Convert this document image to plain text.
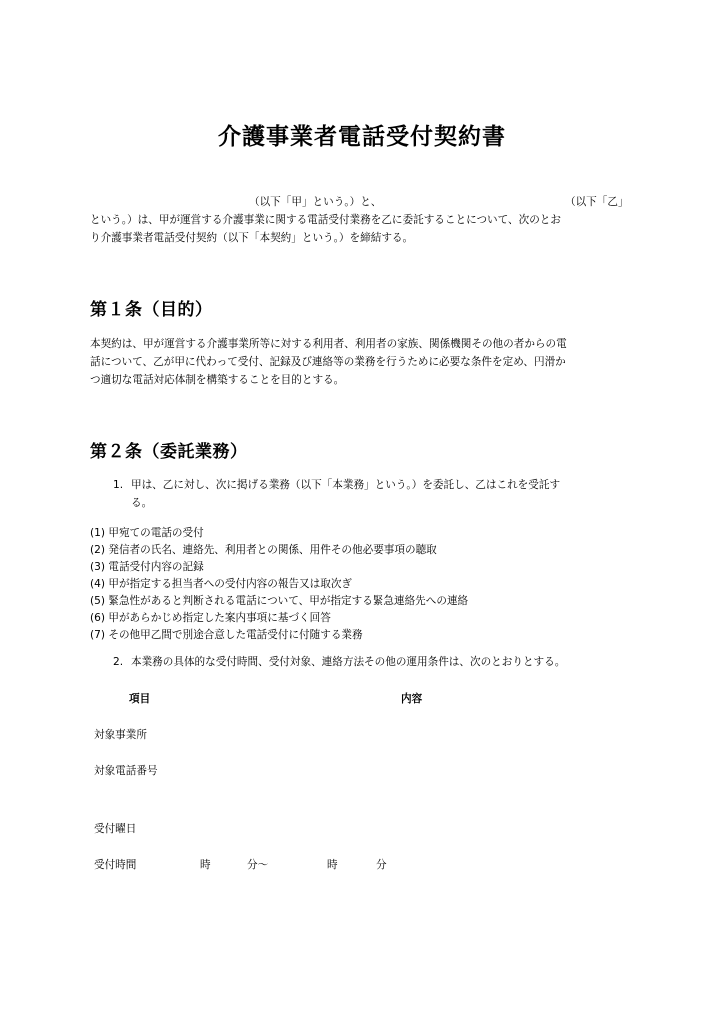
介護事業者電話受付契約書
（以下「甲」という。）と、	（以下「乙」
という。）は、甲が運営する介護事業に関する電話受付業務を乙に委託することについて、次のとお
り介護事業者電話受付契約（以下「本契約」という。）を締結する。
第１条（目的）
本契約は、甲が運営する介護事業所等に対する利用者、利用者の家族、関係機関その他の者からの電
話について、乙が甲に代わって受付、記録及び連絡等の業務を行うために必要な条件を定め、円滑か
つ適切な電話対応体制を構築することを目的とする。
第２条（委託業務）
1. 甲は、乙に対し、次に掲げる業務（以下「本業務」という。）を委託し、乙はこれを受託す
る。
(1) 甲宛ての電話の受付
(2) 発信者の氏名、連絡先、利用者との関係、用件その他必要事項の聴取
(3) 電話受付内容の記録
(4) 甲が指定する担当者への受付内容の報告又は取次ぎ
(5) 緊急性があると判断される電話について、甲が指定する緊急連絡先への連絡
(6) 甲があらかじめ指定した案内事項に基づく回答
(7) その他甲乙間で別途合意した電話受付に付随する業務
2. 本業務の具体的な受付時間、受付対象、連絡方法その他の運用条件は、次のとおりとする。
項目	内容
対象事業所
対象電話番号
受付曜日
受付時間	時	分～	時	分
